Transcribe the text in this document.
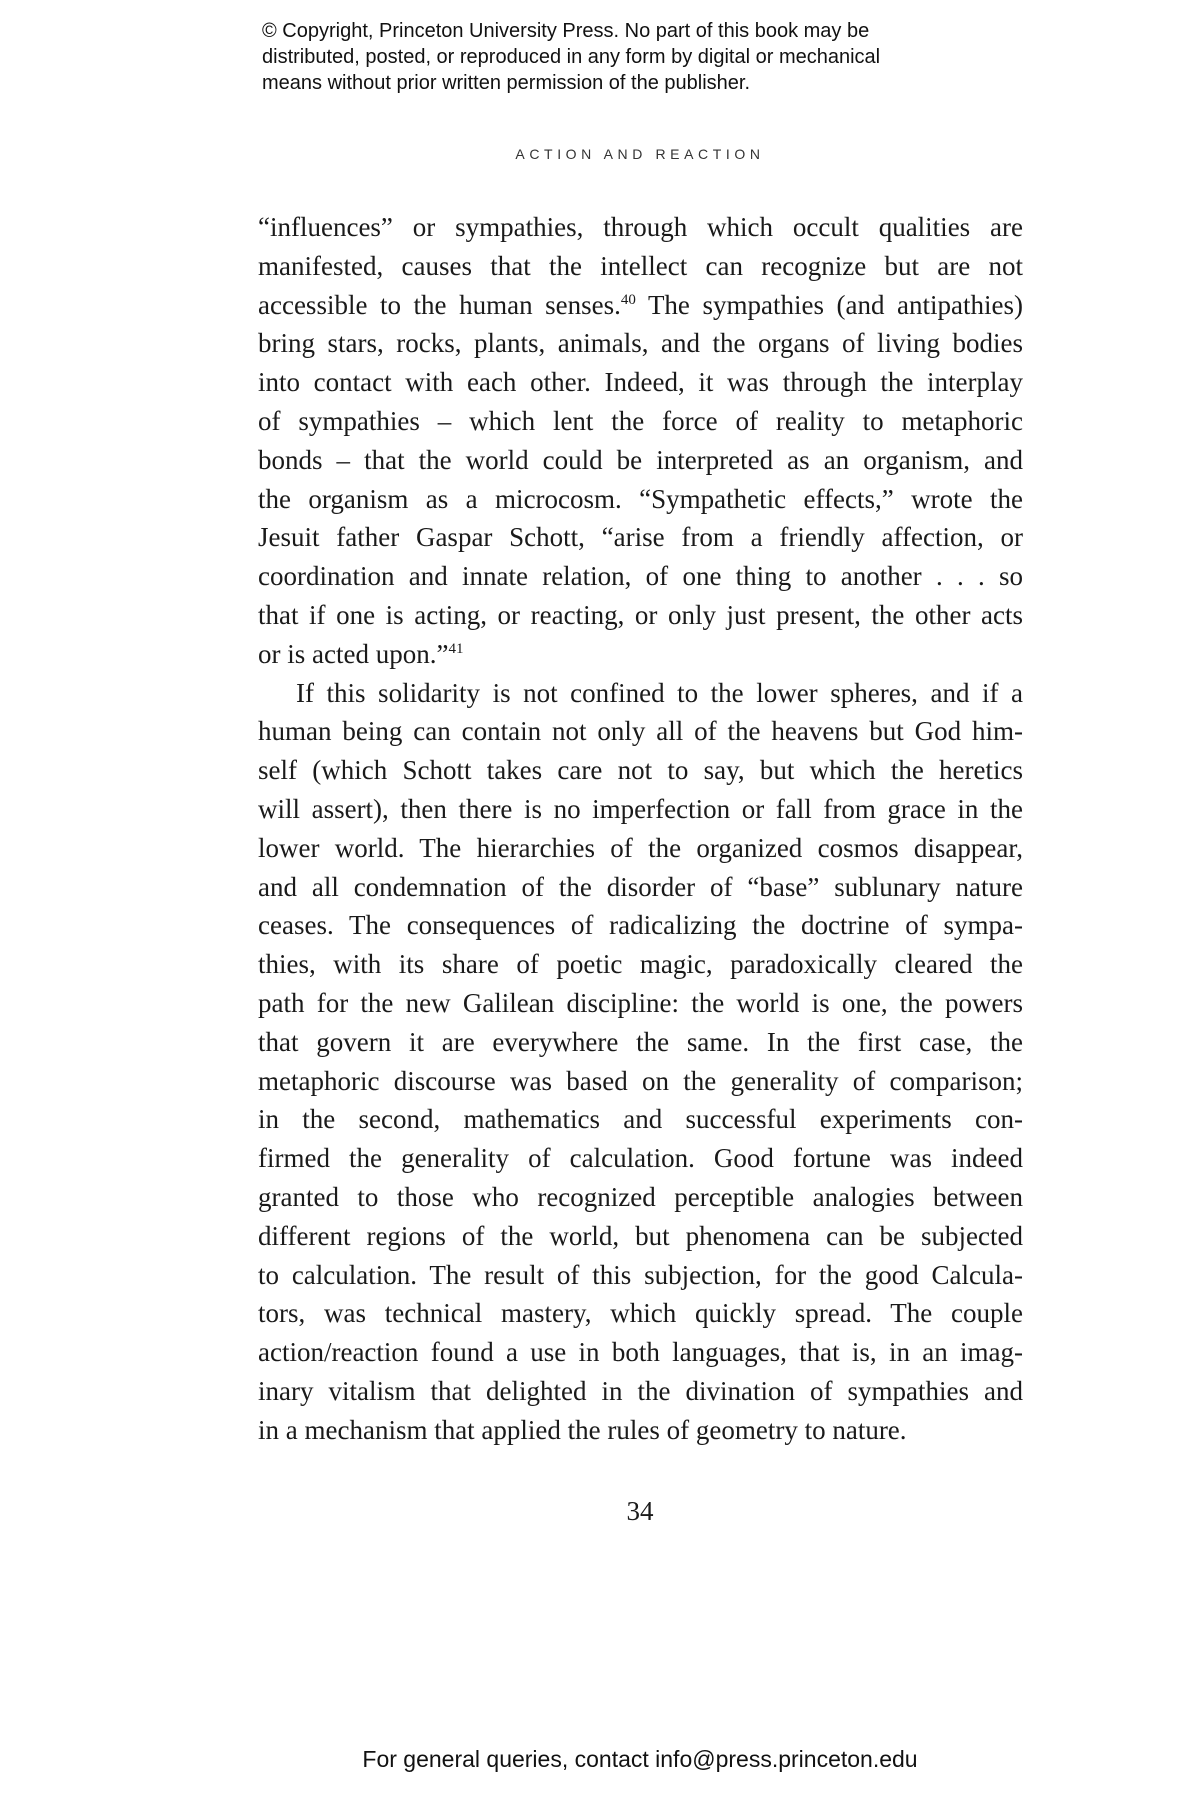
© Copyright, Princeton University Press. No part of this book may be
distributed, posted, or reproduced in any form by digital or mechanical
means without prior written permission of the publisher.
ACTION AND REACTION
“influences” or sympathies, through which occult qualities are
manifested, causes that the intellect can recognize but are not
accessible to the human senses.$^{40}$ The sympathies (and antipathies)
bring stars, rocks, plants, animals, and the organs of living bodies
into contact with each other. Indeed, it was through the interplay
of sympathies – which lent the force of reality to metaphoric
bonds – that the world could be interpreted as an organism, and
the organism as a microcosm. “Sympathetic effects,” wrote the
Jesuit father Gaspar Schott, “arise from a friendly affection, or
coordination and innate relation, of one thing to another . . . so
that if one is acting, or reacting, or only just present, the other acts
or is acted upon.”$^{41}$
If this solidarity is not confined to the lower spheres, and if a
human being can contain not only all of the heavens but God him-
self (which Schott takes care not to say, but which the heretics
will assert), then there is no imperfection or fall from grace in the
lower world. The hierarchies of the organized cosmos disappear,
and all condemnation of the disorder of “base” sublunary nature
ceases. The consequences of radicalizing the doctrine of sympa-
thies, with its share of poetic magic, paradoxically cleared the
path for the new Galilean discipline: the world is one, the powers
that govern it are everywhere the same. In the first case, the
metaphoric discourse was based on the generality of comparison;
in the second, mathematics and successful experiments con-
firmed the generality of calculation. Good fortune was indeed
granted to those who recognized perceptible analogies between
different regions of the world, but phenomena can be subjected
to calculation. The result of this subjection, for the good Calcula-
tors, was technical mastery, which quickly spread. The couple
action/reaction found a use in both languages, that is, in an imag-
inary vitalism that delighted in the divination of sympathies and
in a mechanism that applied the rules of geometry to nature.
34
For general queries, contact info@press.princeton.edu
